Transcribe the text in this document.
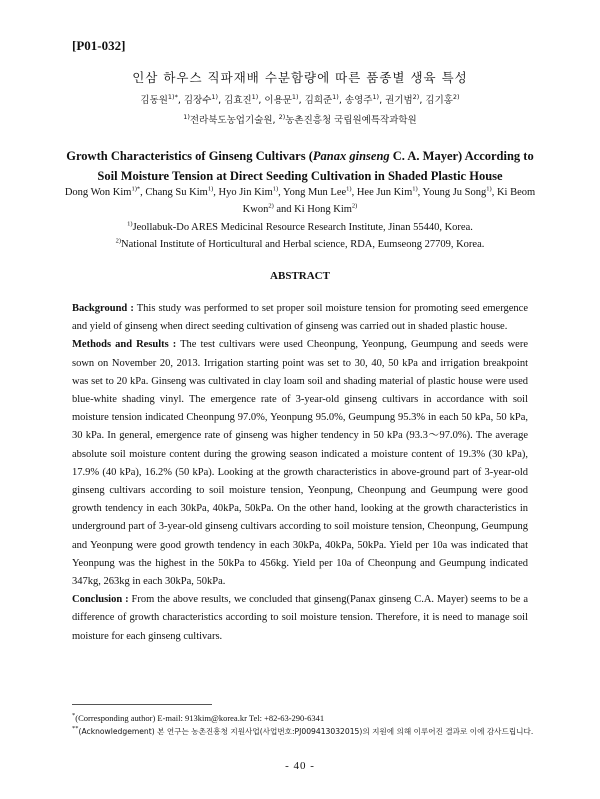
[P01-032]
인삼 하우스 직파재배 수분함량에 따른 품종별 생육 특성
김동원$^{1)*}$, 김장수$^{1)}$, 김효진$^{1)}$, 이용문$^{1)}$, 김희준$^{1)}$, 송영주$^{1)}$, 권기범$^{2)}$, 김기홍$^{2)}$
$^{1)}$전라북도농업기술원, $^{2)}$농촌진흥청 국립원예특작과학원
Growth Characteristics of Ginseng Cultivars (Panax ginseng C. A. Mayer) According to Soil Moisture Tension at Direct Seeding Cultivation in Shaded Plastic House
Dong Won Kim$^{1)*}$, Chang Su Kim$^{1)}$, Hyo Jin Kim$^{1)}$, Yong Mun Lee$^{1)}$, Hee Jun Kim$^{1)}$, Young Ju Song$^{1)}$, Ki Beom Kwon$^{2)}$ and Ki Hong Kim$^{2)}$
$^{1)}$Jeollabuk-Do ARES Medicinal Resource Research Institute, Jinan 55440, Korea.
$^{2)}$National Institute of Horticultural and Herbal science, RDA, Eumseong 27709, Korea.
ABSTRACT

Background : This study was performed to set proper soil moisture tension for promoting seed emergence and yield of ginseng when direct seeding cultivation of ginseng was carried out in shaded plastic house.

Methods and Results : The test cultivars were used Cheonpung, Yeonpung, Geumpung and seeds were sown on November 20, 2013. Irrigation starting point was set to 30, 40, 50 kPa and irrigation breakpoint was set to 20 kPa. Ginseng was cultivated in clay loam soil and shading material of plastic house were used blue-white shading vinyl. The emergence rate of 3-year-old ginseng cultivars in accordance with soil moisture tension indicated Cheonpung 97.0%, Yeonpung 95.0%, Geumpung 95.3% in each 50 kPa, 50 kPa, 30 kPa. In general, emergence rate of ginseng was higher tendency in 50 kPa (93.3～97.0%). The average absolute soil moisture content during the growing season indicated a moisture content of 19.3% (30 kPa), 17.9% (40 kPa), 16.2% (50 kPa). Looking at the growth characteristics in above-ground part of 3-year-old ginseng cultivars according to soil moisture tension, Yeonpung, Cheonpung and Geumpung were good growth tendency in each 30kPa, 40kPa, 50kPa. On the other hand, looking at the growth characteristics in underground part of 3-year-old ginseng cultivars according to soil moisture tension, Cheonpung, Geumpung and Yeonpung were good growth tendency in each 30kPa, 40kPa, 50kPa. Yield per 10a was indicated that Yeonpung was the highest in the 50kPa to 456kg. Yield per 10a of Cheonpung and Geumpung indicated 347kg, 263kg in each 30kPa, 50kPa.

Conclusion : From the above results, we concluded that ginseng(Panax ginseng C.A. Mayer) seems to be a difference of growth characteristics according to soil moisture tension. Therefore, it is need to manage soil moisture for each ginseng cultivars.

*(Corresponding author) E-mail: 913kim@korea.kr Tel: +82-63-290-6341
**(Acknowledgement) 본 연구는 농촌진흥청 지원사업(사업번호:PJ009413032015)의 지원에 의해 이루어진 결과로 이에 감사드립니다.
- 40 -
